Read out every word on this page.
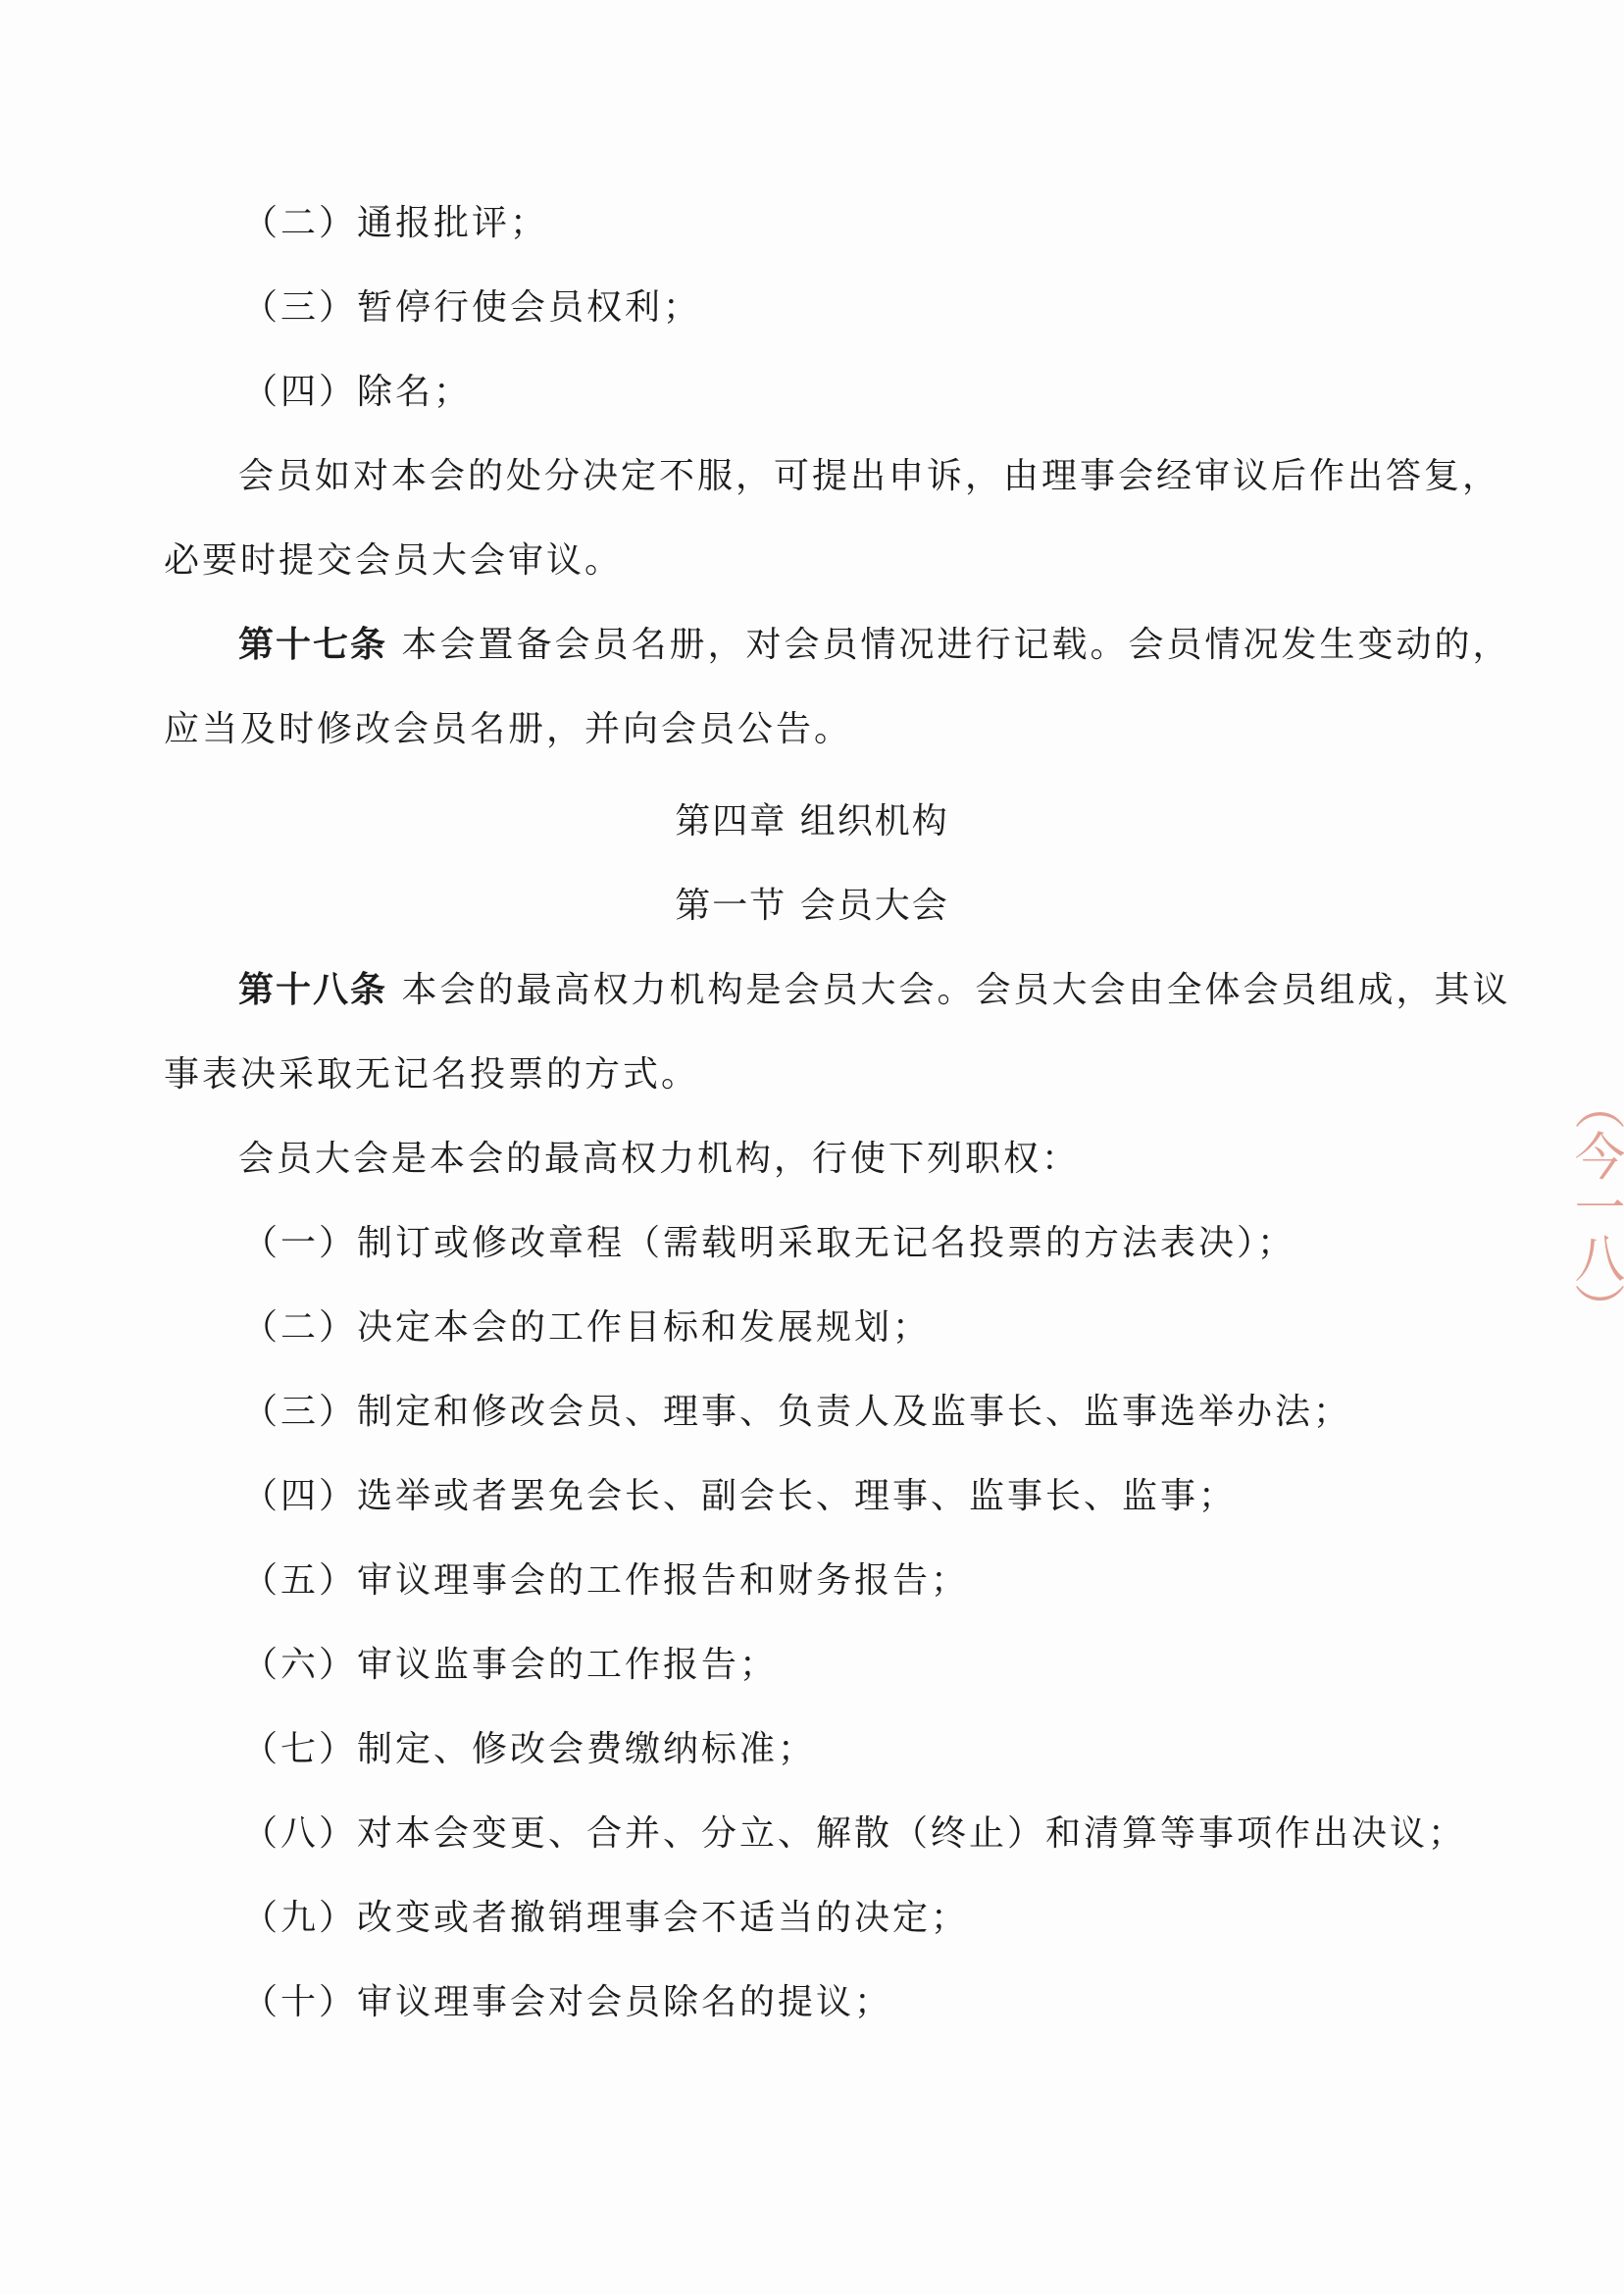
（二）通报批评；
（三）暂停行使会员权利；
（四）除名；
会员如对本会的处分决定不服，可提出申诉，由理事会经审议后作出答复，
必要时提交会员大会审议。
第十七条 本会置备会员名册，对会员情况进行记载。会员情况发生变动的，
应当及时修改会员名册，并向会员公告。
第四章 组织机构
第一节 会员大会
第十八条 本会的最高权力机构是会员大会。会员大会由全体会员组成，其议
事表决采取无记名投票的方式。
会员大会是本会的最高权力机构，行使下列职权：
（一）制订或修改章程（需载明采取无记名投票的方法表决）；
（二）决定本会的工作目标和发展规划；
（三）制定和修改会员、理事、负责人及监事长、监事选举办法；
（四）选举或者罢免会长、副会长、理事、监事长、监事；
（五）审议理事会的工作报告和财务报告；
（六）审议监事会的工作报告；
（七）制定、修改会费缴纳标准；
（八）对本会变更、合并、分立、解散（终止）和清算等事项作出决议；
（九）改变或者撤销理事会不适当的决定；
（十）审议理事会对会员除名的提议；
（今一八）
